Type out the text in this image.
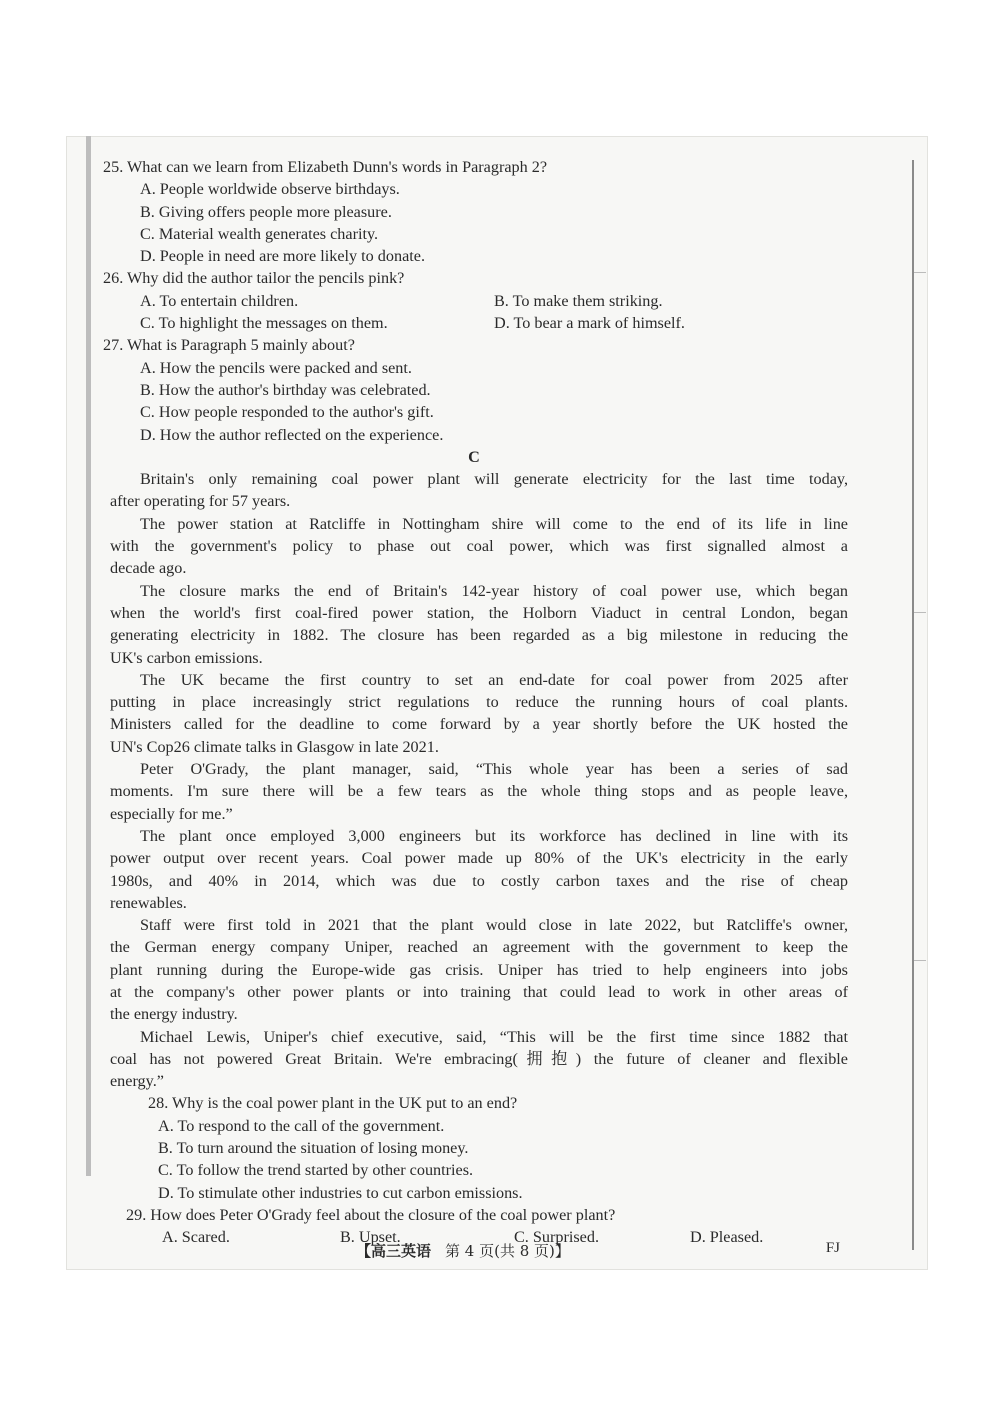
25. What can we learn from Elizabeth Dunn's words in Paragraph 2?
A. People worldwide observe birthdays.
B. Giving offers people more pleasure.
C. Material wealth generates charity.
D. People in need are more likely to donate.
26. Why did the author tailor the pencils pink?
A. To entertain children.	B. To make them striking.
C. To highlight the messages on them.	D. To bear a mark of himself.
27. What is Paragraph 5 mainly about?
A. How the pencils were packed and sent.
B. How the author's birthday was celebrated.
C. How people responded to the author's gift.
D. How the author reflected on the experience.
C
Britain's only remaining coal power plant will generate electricity for the last time today,
after operating for 57 years.
The power station at Ratcliffe in Nottingham shire will come to the end of its life in line
with the government's policy to phase out coal power, which was first signalled almost a
decade ago.
The closure marks the end of Britain's 142-year history of coal power use, which began
when the world's first coal-fired power station, the Holborn Viaduct in central London, began
generating electricity in 1882. The closure has been regarded as a big milestone in reducing the
UK's carbon emissions.
The UK became the first country to set an end-date for coal power from 2025 after
putting in place increasingly strict regulations to reduce the running hours of coal plants.
Ministers called for the deadline to come forward by a year shortly before the UK hosted the
UN's Cop26 climate talks in Glasgow in late 2021.
Peter O'Grady, the plant manager, said, “This whole year has been a series of sad
moments. I'm sure there will be a few tears as the whole thing stops and as people leave,
especially for me.”
The plant once employed 3,000 engineers but its workforce has declined in line with its
power output over recent years. Coal power made up 80% of the UK's electricity in the early
1980s, and 40% in 2014, which was due to costly carbon taxes and the rise of cheap
renewables.
Staff were first told in 2021 that the plant would close in late 2022, but Ratcliffe's owner,
the German energy company Uniper, reached an agreement with the government to keep the
plant running during the Europe-wide gas crisis. Uniper has tried to help engineers into jobs
at the company's other power plants or into training that could lead to work in other areas of
the energy industry.
Michael Lewis, Uniper's chief executive, said, “This will be the first time since 1882 that
coal has not powered Great Britain. We're embracing(拥抱) the future of cleaner and flexible
energy.”
28. Why is the coal power plant in the UK put to an end?
A. To respond to the call of the government.
B. To turn around the situation of losing money.
C. To follow the trend started by other countries.
D. To stimulate other industries to cut carbon emissions.
29. How does Peter O'Grady feel about the closure of the coal power plant?
A. Scared.	B. Upset.	C. Surprised.	D. Pleased.
【高三英语 第 4 页(共 8 页)】	FJ
